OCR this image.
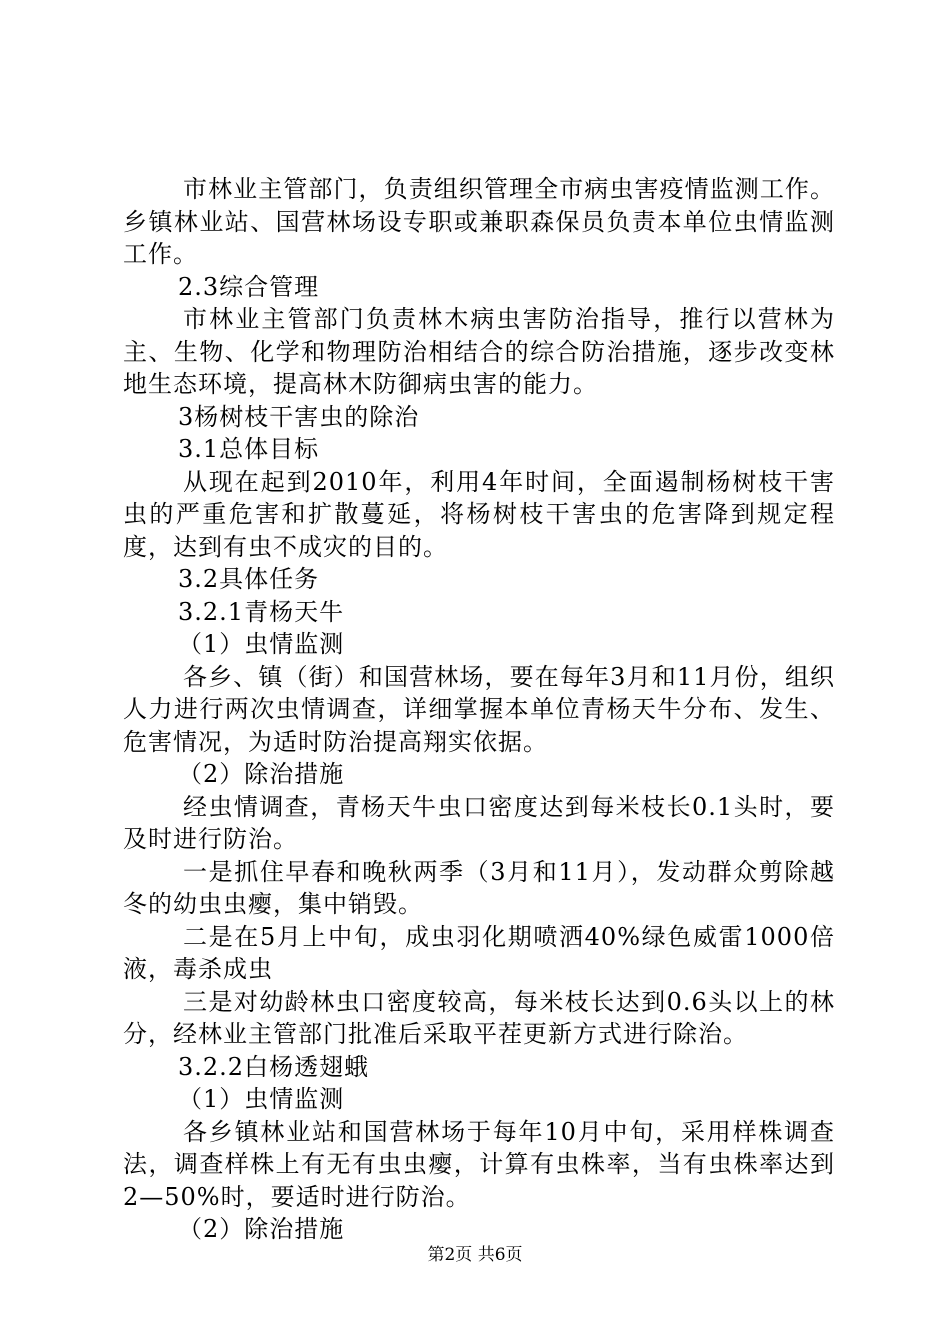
市林业主管部门，负责组织管理全市病虫害疫情监测工作。乡镇林业站、国营林场设专职或兼职森保员负责本单位虫情监测工作。

2.3综合管理

市林业主管部门负责林木病虫害防治指导，推行以营林为主、生物、化学和物理防治相结合的综合防治措施，逐步改变林地生态环境，提高林木防御病虫害的能力。

3杨树枝干害虫的除治

3.1总体目标

从现在起到2010年，利用4年时间，全面遏制杨树枝干害虫的严重危害和扩散蔓延，将杨树枝干害虫的危害降到规定程度，达到有虫不成灾的目的。

3.2具体任务

3.2.1青杨天牛

（1）虫情监测

各乡、镇（街）和国营林场，要在每年3月和11月份，组织人力进行两次虫情调查，详细掌握本单位青杨天牛分布、发生、危害情况，为适时防治提高翔实依据。

（2）除治措施

经虫情调查，青杨天牛虫口密度达到每米枝长0.1头时，要及时进行防治。

一是抓住早春和晚秋两季（3月和11月），发动群众剪除越冬的幼虫虫瘿，集中销毁。

二是在5月上中旬，成虫羽化期喷洒40%绿色威雷1000倍液，毒杀成虫

三是对幼龄林虫口密度较高，每米枝长达到0.6头以上的林分，经林业主管部门批准后采取平茬更新方式进行除治。

3.2.2白杨透翅蛾

（1）虫情监测

各乡镇林业站和国营林场于每年10月中旬，采用样株调查法，调查样株上有无有虫虫瘿，计算有虫株率，当有虫株率达到2—50%时，要适时进行防治。

（2）除治措施

第2页 共6页
